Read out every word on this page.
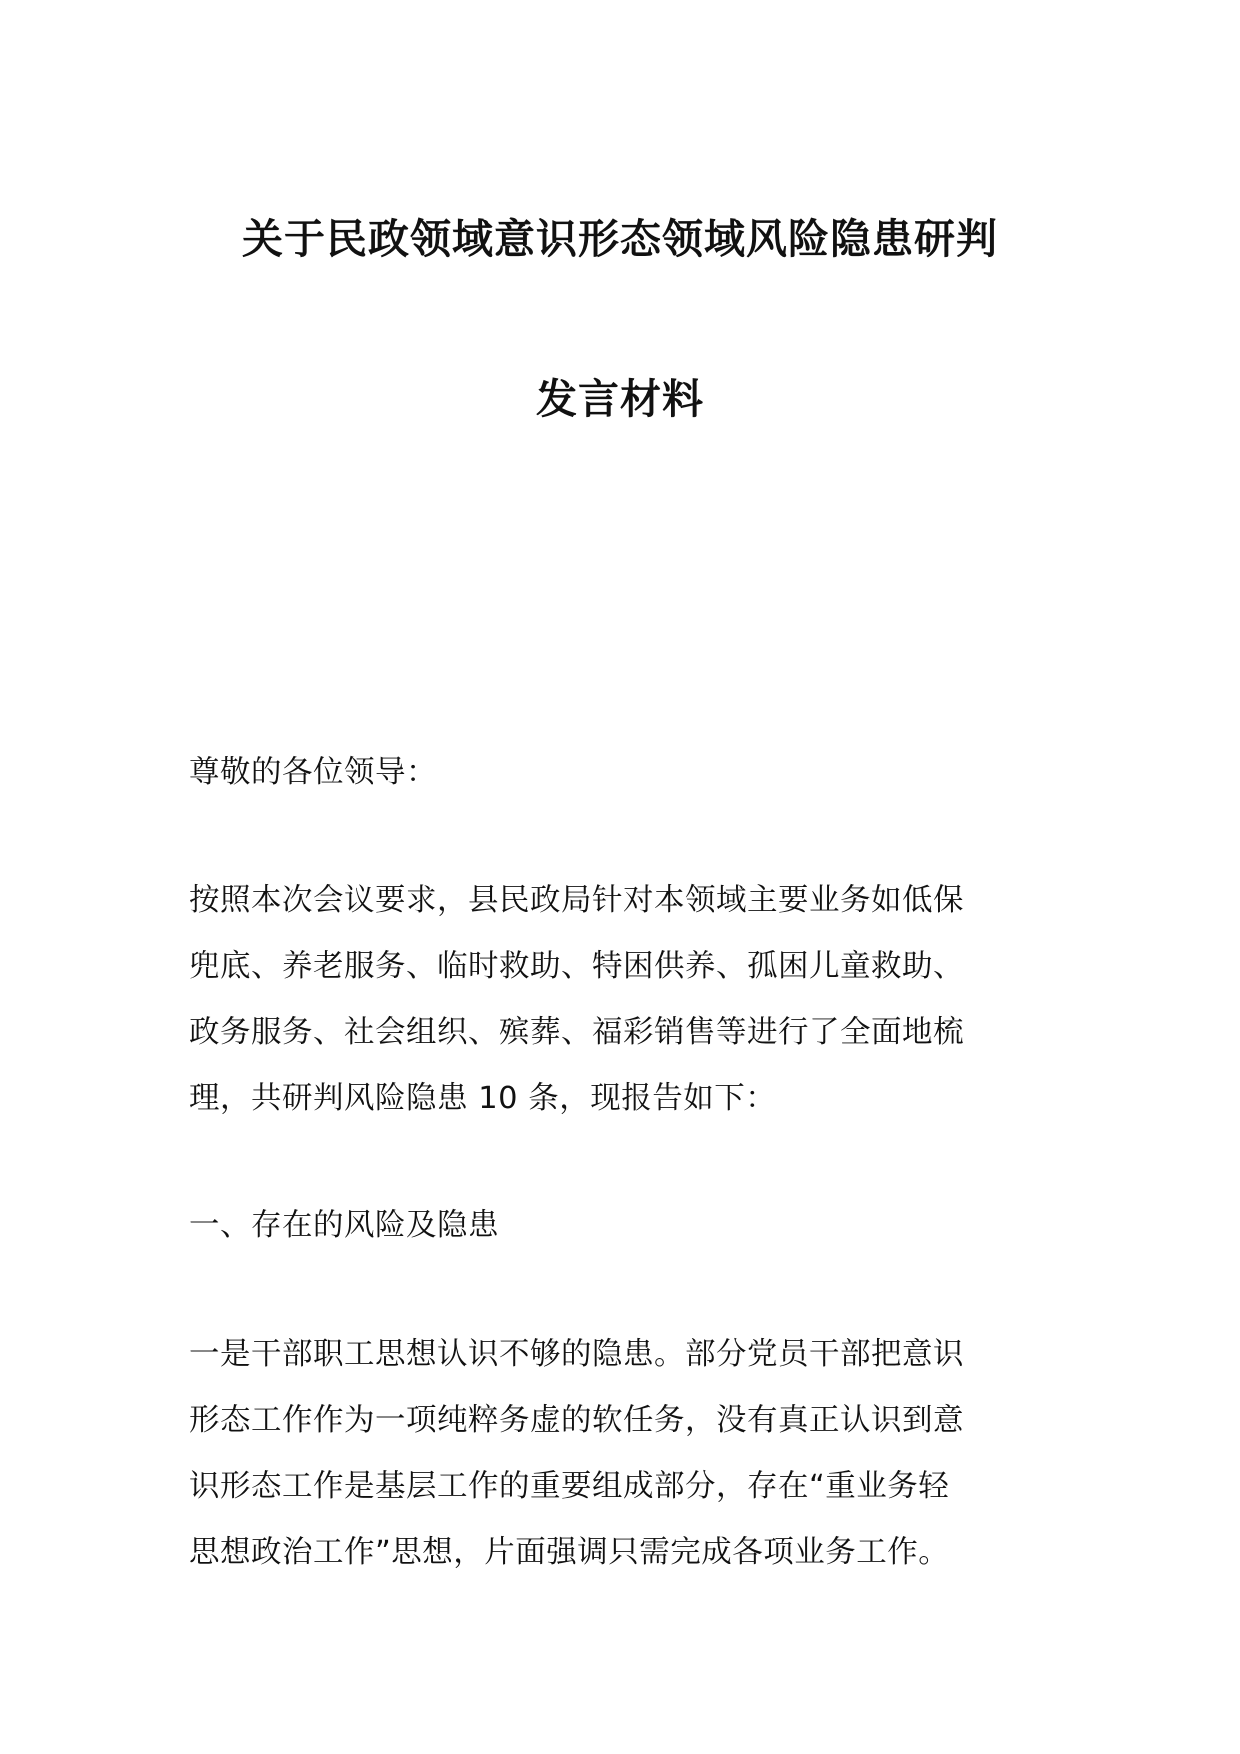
关于民政领域意识形态领域风险隐患研判
发言材料
尊敬的各位领导：
按照本次会议要求，县民政局针对本领域主要业务如低保
兜底、养老服务、临时救助、特困供养、孤困儿童救助、
政务服务、社会组织、殡葬、福彩销售等进行了全面地梳
理，共研判风险隐患 10 条，现报告如下：
一、存在的风险及隐患
一是干部职工思想认识不够的隐患。部分党员干部把意识
形态工作作为一项纯粹务虚的软任务，没有真正认识到意
识形态工作是基层工作的重要组成部分，存在“重业务轻
思想政治工作”思想，片面强调只需完成各项业务工作。
